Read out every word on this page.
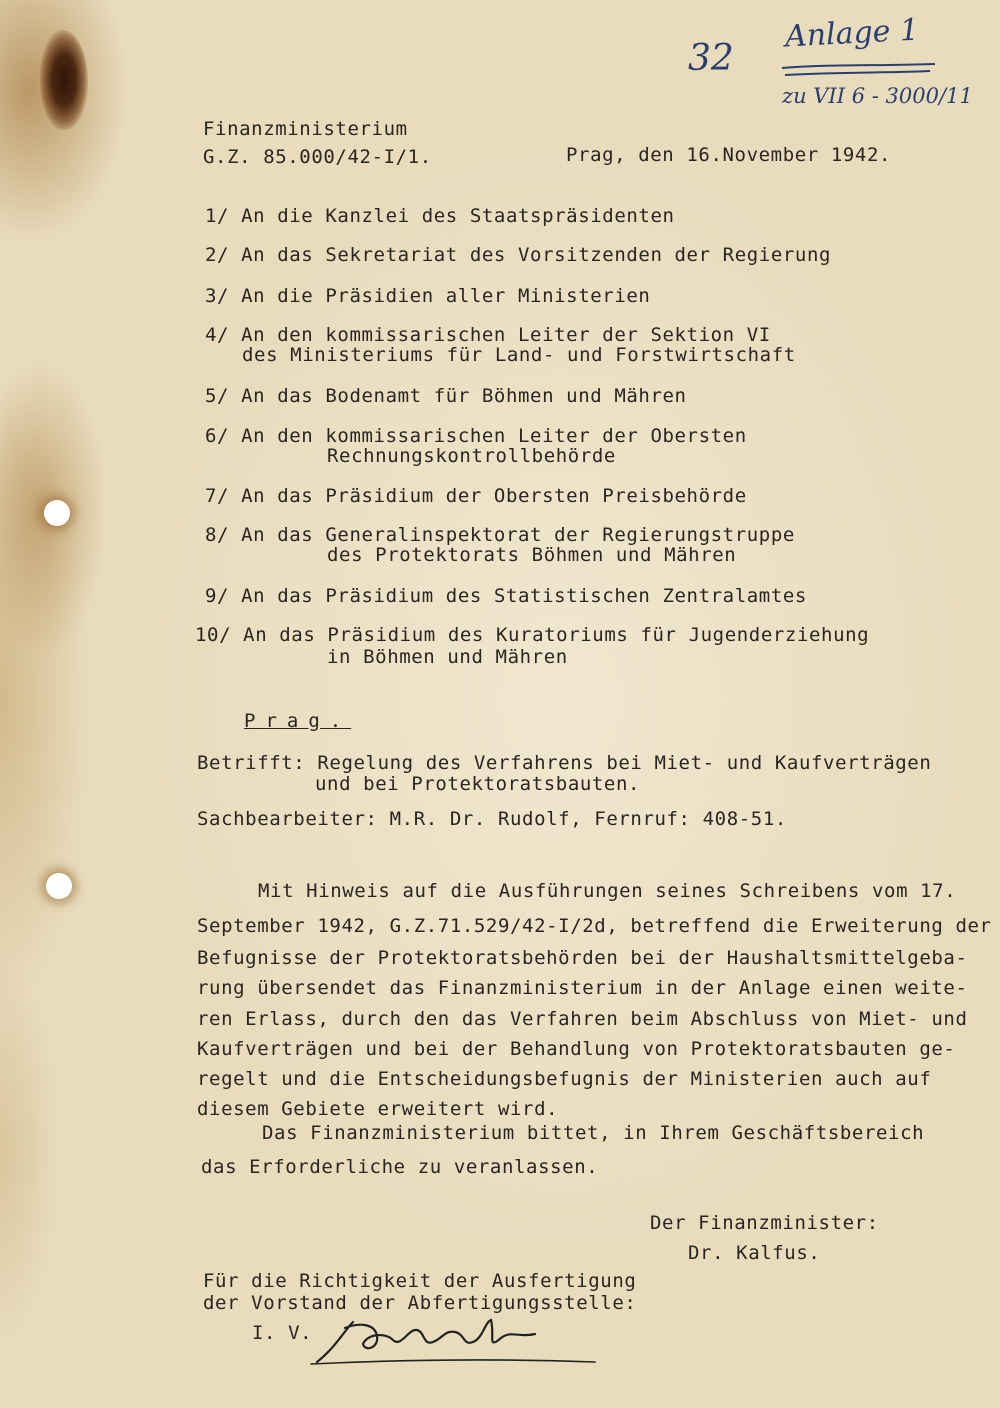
32
Anlage 1
zu VII 6 - 3000/11
Finanzministerium
G.Z. 85.000/42-I/1.	Prag, den 16.November 1942.
1/ An die Kanzlei des Staatspräsidenten
2/ An das Sekretariat des Vorsitzenden der Regierung
3/ An die Präsidien aller Ministerien
4/ An den kommissarischen Leiter der Sektion VI
des Ministeriums für Land- und Forstwirtschaft
5/ An das Bodenamt für Böhmen und Mähren
6/ An den kommissarischen Leiter der Obersten
Rechnungskontrollbehörde
7/ An das Präsidium der Obersten Preisbehörde
8/ An das Generalinspektorat der Regierungstruppe
des Protektorats Böhmen und Mähren
9/ An das Präsidium des Statistischen Zentralamtes
10/ An das Präsidium des Kuratoriums für Jugenderziehung
in Böhmen und Mähren
Prag.
Betrifft: Regelung des Verfahrens bei Miet- und Kaufverträgen
und bei Protektoratsbauten.
Sachbearbeiter: M.R. Dr. Rudolf, Fernruf: 408-51.
Mit Hinweis auf die Ausführungen seines Schreibens vom 17.
September 1942, G.Z.71.529/42-I/2d, betreffend die Erweiterung der
Befugnisse der Protektoratsbehörden bei der Haushaltsmittelgeba-
rung übersendet das Finanzministerium in der Anlage einen weite-
ren Erlass, durch den das Verfahren beim Abschluss von Miet- und
Kaufverträgen und bei der Behandlung von Protektoratsbauten ge-
regelt und die Entscheidungsbefugnis der Ministerien auch auf
diesem Gebiete erweitert wird.
Das Finanzministerium bittet, in Ihrem Geschäftsbereich
das Erforderliche zu veranlassen.
Der Finanzminister:
Dr. Kalfus.
Für die Richtigkeit der Ausfertigung
der Vorstand der Abfertigungsstelle:
I. V.
